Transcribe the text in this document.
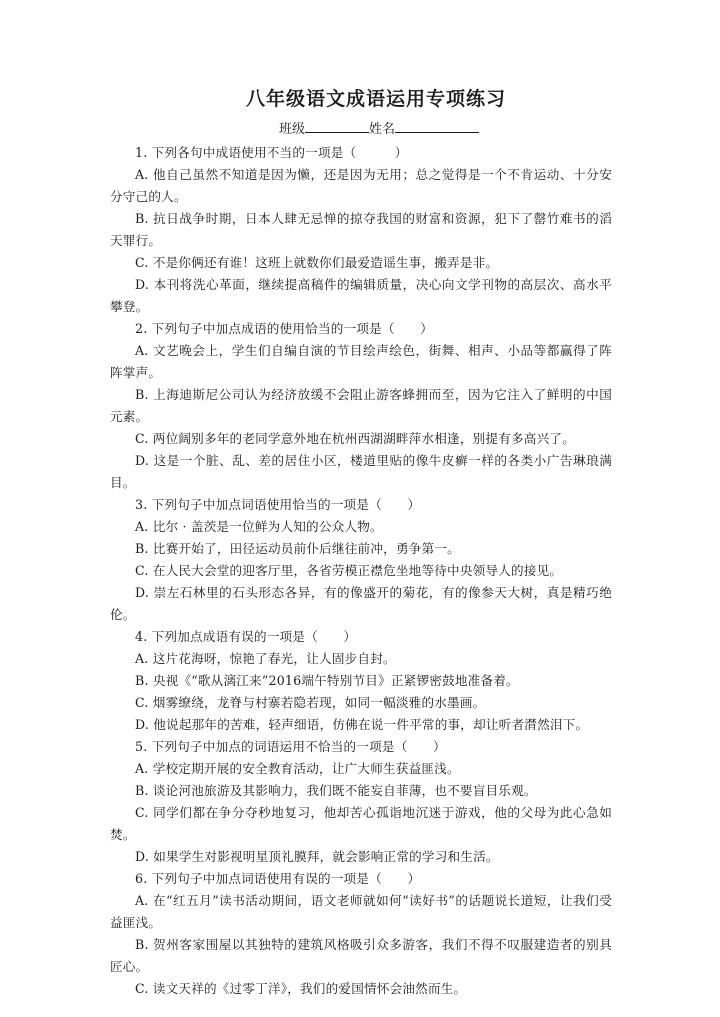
八年级语文成语运用专项练习
班级	姓名

1. 下列各句中成语使用不当的一项是（　　　）

A. 他自己虽然不知道是因为懒，还是因为无用；总之觉得是一个不肯运动、十分安分守己的人。

B. 抗日战争时期，日本人肆无忌惮的掠夺我国的财富和资源，犯下了罄竹难书的滔天罪行。

C. 不是你俩还有谁！这班上就数你们最爱造谣生事，搬弄是非。

D. 本刊将洗心革面，继续提高稿件的编辑质量，决心向文学刊物的高层次、高水平攀登。

2. 下列句子中加点成语的使用恰当的一项是（　　）

A. 文艺晚会上，学生们自编自演的节目绘声绘色，街舞、相声、小品等都赢得了阵阵掌声。

B. 上海迪斯尼公司认为经济放缓不会阻止游客蜂拥而至，因为它注入了鲜明的中国元素。

C. 两位阔别多年的老同学意外地在杭州西湖湖畔萍水相逢，别提有多高兴了。

D. 这是一个脏、乱、差的居住小区，楼道里贴的像牛皮癣一样的各类小广告琳琅满目。

3. 下列句子中加点词语使用恰当的一项是（　　）

A. 比尔 · 盖茨是一位鲜为人知的公众人物。

B. 比赛开始了，田径运动员前仆后继往前冲，勇争第一。

C. 在人民大会堂的迎客厅里，各省劳模正襟危坐地等待中央领导人的接见。

D. 崇左石林里的石头形态各异，有的像盛开的菊花，有的像参天大树，真是精巧绝伦。

4. 下列加点成语有误的一项是（　　）

A. 这片花海呀，惊艳了春光，让人固步自封。

B. 央视《“歌从漓江来”2016端午特别节目》正紧锣密鼓地准备着。

C. 烟雾缭绕，龙脊与村寨若隐若现，如同一幅淡雅的水墨画。

D. 他说起那年的苦难，轻声细语，仿佛在说一件平常的事，却让听者潸然泪下。

5. 下列句子中加点的词语运用不恰当的一项是（　　）

A. 学校定期开展的安全教育活动，让广大师生获益匪浅。

B. 谈论河池旅游及其影响力，我们既不能妄自菲薄，也不要盲目乐观。

C. 同学们都在争分夺秒地复习，他却苦心孤诣地沉迷于游戏，他的父母为此心急如焚。

D. 如果学生对影视明星顶礼膜拜，就会影响正常的学习和生活。

6. 下列句子中加点词语使用有误的一项是（　　）

A. 在“红五月”读书活动期间，语文老师就如何“读好书”的话题说长道短，让我们受益匪浅。

B. 贺州客家围屋以其独特的建筑风格吸引众多游客，我们不得不叹服建造者的别具匠心。

C. 读文天祥的《过零丁洋》，我们的爱国情怀会油然而生。
